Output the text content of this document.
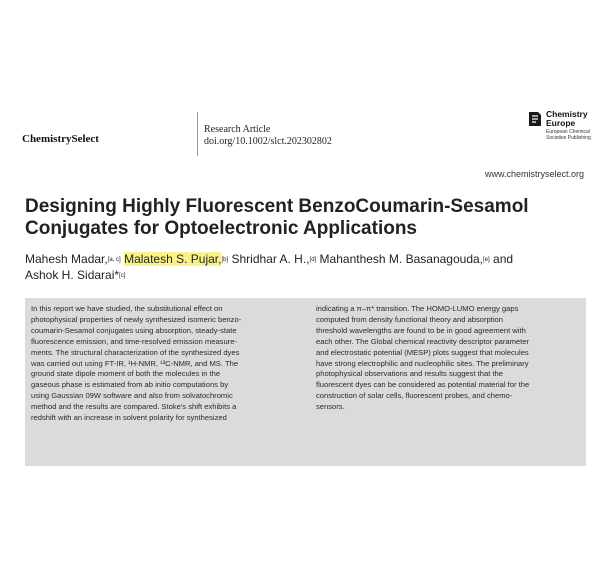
ChemistrySelect
Research Article
doi.org/10.1002/slct.202302802
Chemistry
Europe
European Chemical
Societies Publishing
www.chemistryselect.org
Designing Highly Fluorescent BenzoCoumarin-Sesamol
Conjugates for Optoelectronic Applications
Mahesh Madar,[a, c] Malatesh S. Pujar,[b] Shridhar A. H.,[d] Mahanthesh M. Basanagouda,[e] and
Ashok H. Sidarai*[c]

In this report we have studied, the substitutional effect on

photophysical properties of newly synthesized isomeric benzo-

coumarin-Sesamol conjugates using absorption, steady-state

fluorescence emission, and time-resolved emission measure-

ments. The structural characterization of the synthesized dyes

was carried out using FT-IR, ¹H-NMR, ¹³C-NMR, and MS. The

ground state dipole moment of both the molecules in the

gaseous phase is estimated from ab initio computations by

using Gaussian 09W software and also from solvatochromic

method and the results are compared. Stoke's shift exhibits a

redshift with an increase in solvent polarity for synthesized

indicating a π–π* transition. The HOMO-LUMO energy gaps

computed from density functional theory and absorption

threshold wavelengths are found to be in good agreement with

each other. The Global chemical reactivity descriptor parameter

and electrostatic potential (MESP) plots suggest that molecules

have strong electrophilic and nucleophilic sites. The preliminary

photophysical observations and results suggest that the

fluorescent dyes can be considered as potential material for the

construction of solar cells, fluorescent probes, and chemo-

sensors.
